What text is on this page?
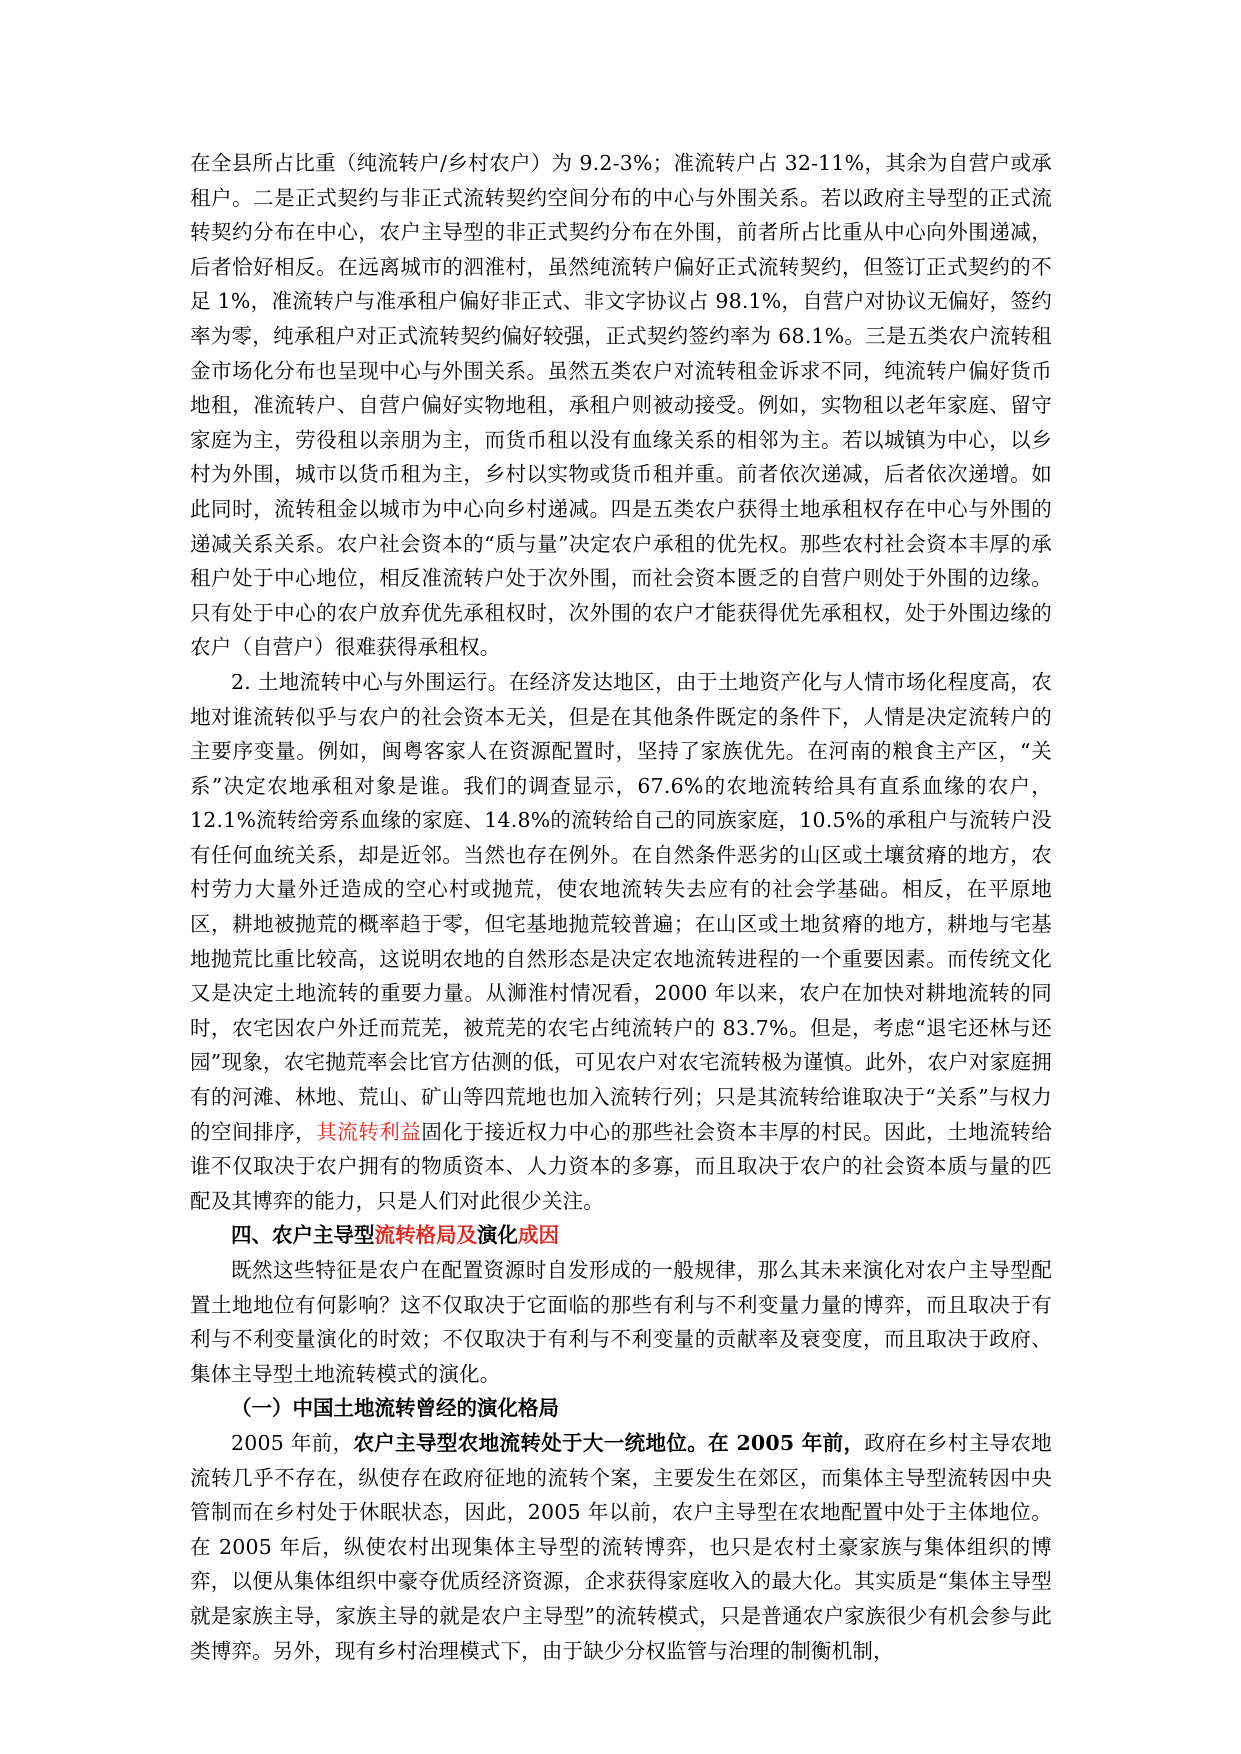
在全县所占比重（纯流转户/乡村农户）为 9.2-3%；准流转户占 32-11%，其余为自营户或承租户。二是正式契约与非正式流转契约空间分布的中心与外围关系。若以政府主导型的正式流转契约分布在中心，农户主导型的非正式契约分布在外围，前者所占比重从中心向外围递减，后者恰好相反。在远离城市的泗淮村，虽然纯流转户偏好正式流转契约，但签订正式契约的不足 1%，准流转户与准承租户偏好非正式、非文字协议占 98.1%，自营户对协议无偏好，签约率为零，纯承租户对正式流转契约偏好较强，正式契约签约率为 68.1%。三是五类农户流转租金市场化分布也呈现中心与外围关系。虽然五类农户对流转租金诉求不同，纯流转户偏好货币地租，准流转户、自营户偏好实物地租，承租户则被动接受。例如，实物租以老年家庭、留守家庭为主，劳役租以亲朋为主，而货币租以没有血缘关系的相邻为主。若以城镇为中心，以乡村为外围，城市以货币租为主，乡村以实物或货币租并重。前者依次递减，后者依次递增。如此同时，流转租金以城市为中心向乡村递减。四是五类农户获得土地承租权存在中心与外围的递减关系关系。农户社会资本的“质与量”决定农户承租的优先权。那些农村社会资本丰厚的承租户处于中心地位，相反准流转户处于次外围，而社会资本匮乏的自营户则处于外围的边缘。只有处于中心的农户放弃优先承租权时，次外围的农户才能获得优先承租权，处于外围边缘的农户（自营户）很难获得承租权。

2. 土地流转中心与外围运行。在经济发达地区，由于土地资产化与人情市场化程度高，农地对谁流转似乎与农户的社会资本无关，但是在其他条件既定的条件下，人情是决定流转户的主要序变量。例如，闽粤客家人在资源配置时，坚持了家族优先。在河南的粮食主产区，“关系”决定农地承租对象是谁。我们的调查显示，67.6%的农地流转给具有直系血缘的农户，12.1%流转给旁系血缘的家庭、14.8%的流转给自己的同族家庭，10.5%的承租户与流转户没有任何血统关系，却是近邻。当然也存在例外。在自然条件恶劣的山区或土壤贫瘠的地方，农村劳力大量外迁造成的空心村或抛荒，使农地流转失去应有的社会学基础。相反，在平原地区，耕地被抛荒的概率趋于零，但宅基地抛荒较普遍；在山区或土地贫瘠的地方，耕地与宅基地抛荒比重比较高，这说明农地的自然形态是决定农地流转进程的一个重要因素。而传统文化又是决定土地流转的重要力量。从浉淮村情况看，2000 年以来，农户在加快对耕地流转的同时，农宅因农户外迁而荒芜，被荒芜的农宅占纯流转户的 83.7%。但是，考虑“退宅还林与还园”现象，农宅抛荒率会比官方估测的低，可见农户对农宅流转极为谨慎。此外，农户对家庭拥有的河滩、林地、荒山、矿山等四荒地也加入流转行列；只是其流转给谁取决于“关系”与权力的空间排序，其流转利益固化于接近权力中心的那些社会资本丰厚的村民。因此，土地流转给谁不仅取决于农户拥有的物质资本、人力资本的多寡，而且取决于农户的社会资本质与量的匹配及其博弈的能力，只是人们对此很少关注。

四、农户主导型流转格局及演化成因

既然这些特征是农户在配置资源时自发形成的一般规律，那么其未来演化对农户主导型配置土地地位有何影响？这不仅取决于它面临的那些有利与不利变量力量的博弈，而且取决于有利与不利变量演化的时效；不仅取决于有利与不利变量的贡献率及衰变度，而且取决于政府、集体主导型土地流转模式的演化。

（一）中国土地流转曾经的演化格局

2005 年前，农户主导型农地流转处于大一统地位。在 2005 年前，政府在乡村主导农地流转几乎不存在，纵使存在政府征地的流转个案，主要发生在郊区，而集体主导型流转因中央管制而在乡村处于休眠状态，因此，2005 年以前，农户主导型在农地配置中处于主体地位。在 2005 年后，纵使农村出现集体主导型的流转博弈，也只是农村土豪家族与集体组织的博弈，以便从集体组织中豪夺优质经济资源，企求获得家庭收入的最大化。其实质是“集体主导型就是家族主导，家族主导的就是农户主导型”的流转模式，只是普通农户家族很少有机会参与此类博弈。另外，现有乡村治理模式下，由于缺少分权监管与治理的制衡机制，
